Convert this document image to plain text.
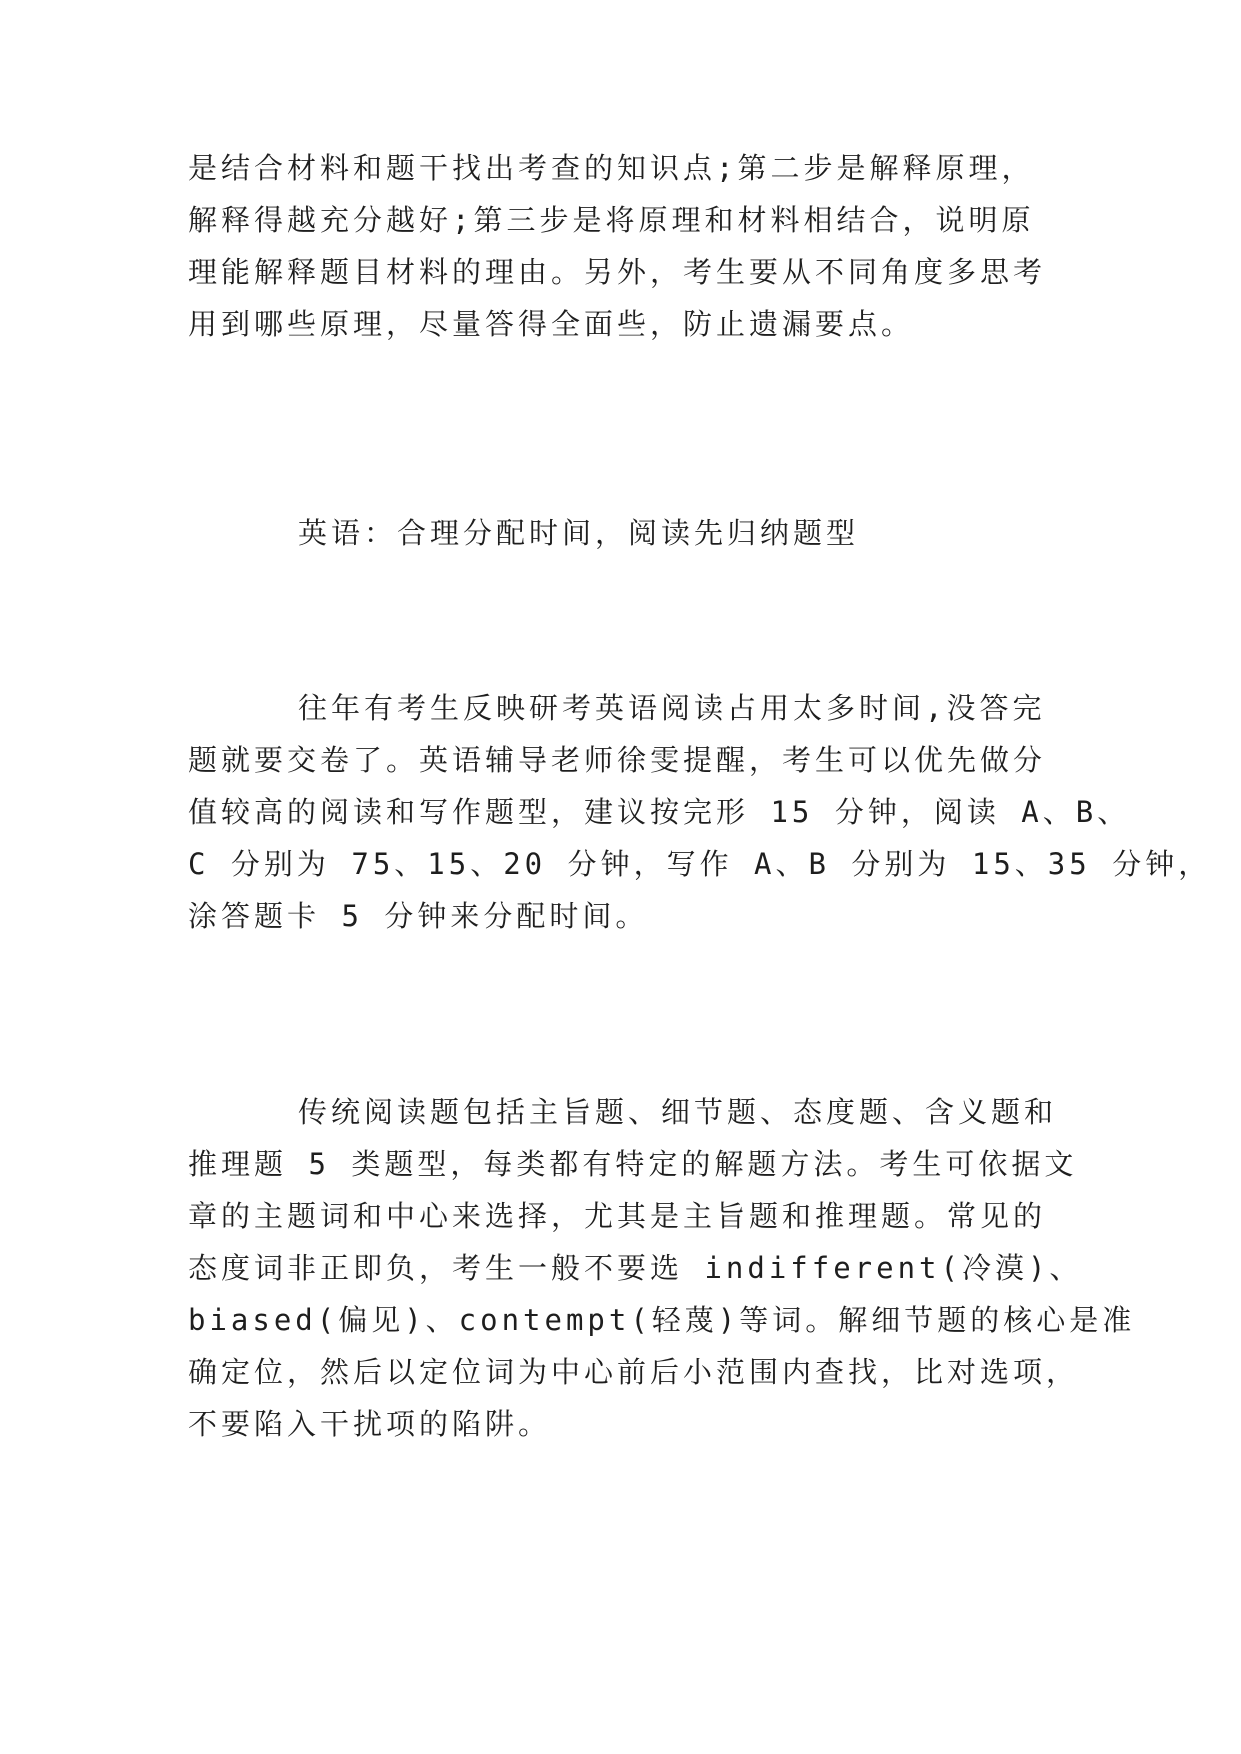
是结合材料和题干找出考查的知识点;第二步是解释原理，
解释得越充分越好;第三步是将原理和材料相结合，说明原
理能解释题目材料的理由。另外，考生要从不同角度多思考
用到哪些原理，尽量答得全面些，防止遗漏要点。
英语：合理分配时间，阅读先归纳题型
往年有考生反映研考英语阅读占用太多时间,没答完
题就要交卷了。英语辅导老师徐雯提醒，考生可以优先做分
值较高的阅读和写作题型，建议按完形 15 分钟，阅读 A、B、
C 分别为 75、15、20 分钟，写作 A、B 分别为 15、35 分钟，
涂答题卡 5 分钟来分配时间。
传统阅读题包括主旨题、细节题、态度题、含义题和
推理题 5 类题型，每类都有特定的解题方法。考生可依据文
章的主题词和中心来选择，尤其是主旨题和推理题。常见的
态度词非正即负，考生一般不要选 indifferent(冷漠)、
biased(偏见)、contempt(轻蔑)等词。解细节题的核心是准
确定位，然后以定位词为中心前后小范围内查找，比对选项，
不要陷入干扰项的陷阱。
